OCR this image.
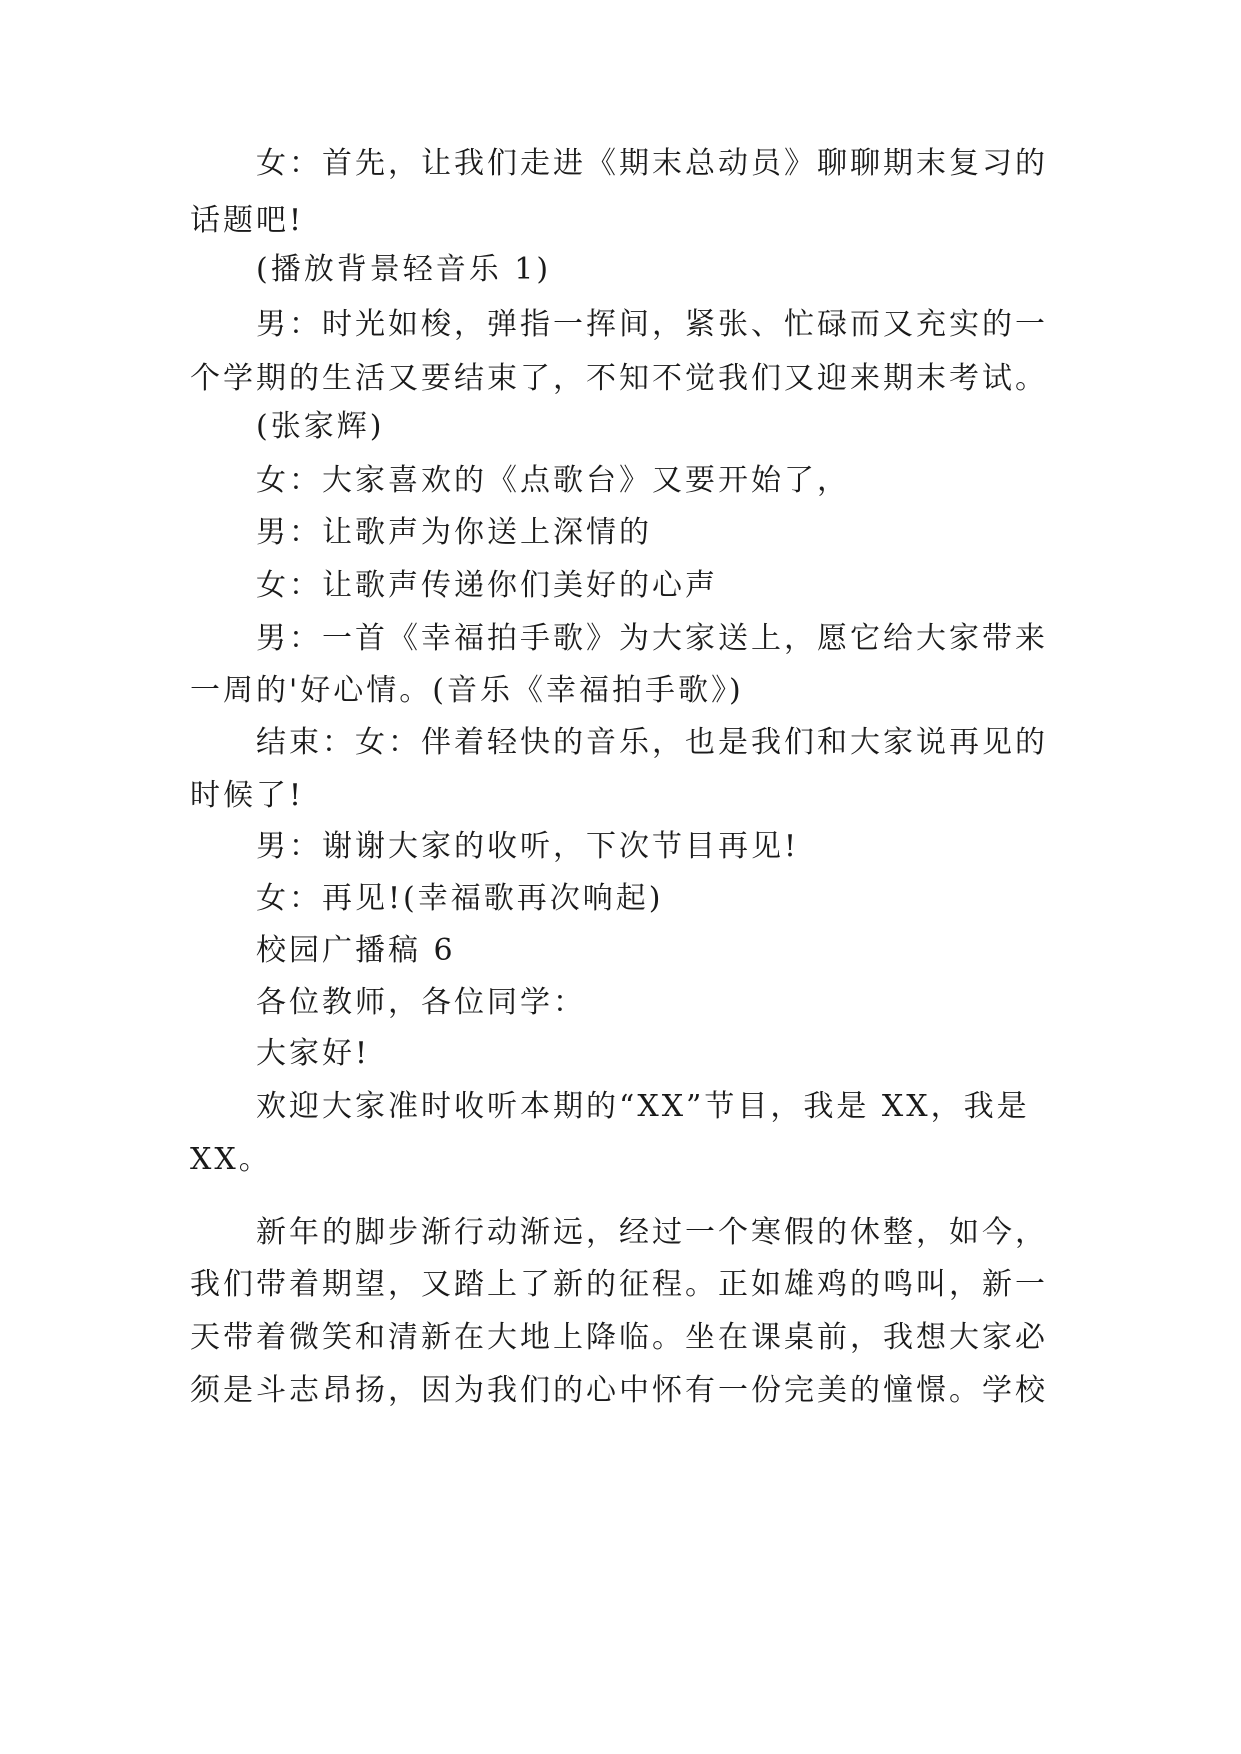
女：首先，让我们走进《期末总动员》聊聊期末复习的
话题吧!
(播放背景轻音乐 1)
男：时光如梭，弹指一挥间，紧张、忙碌而又充实的一
个学期的生活又要结束了，不知不觉我们又迎来期末考试。
(张家辉)
女：大家喜欢的《点歌台》又要开始了，
男：让歌声为你送上深情的
女：让歌声传递你们美好的心声
男：一首《幸福拍手歌》为大家送上，愿它给大家带来
一周的'好心情。(音乐《幸福拍手歌》)
结束：女：伴着轻快的音乐，也是我们和大家说再见的
时候了!
男：谢谢大家的收听，下次节目再见!
女：再见!(幸福歌再次响起)
校园广播稿 6
各位教师，各位同学：
大家好!
欢迎大家准时收听本期的“XX”节目，我是 XX，我是
XX。
新年的脚步渐行动渐远，经过一个寒假的休整，如今，
我们带着期望，又踏上了新的征程。正如雄鸡的鸣叫，新一
天带着微笑和清新在大地上降临。坐在课桌前，我想大家必
须是斗志昂扬，因为我们的心中怀有一份完美的憧憬。学校
